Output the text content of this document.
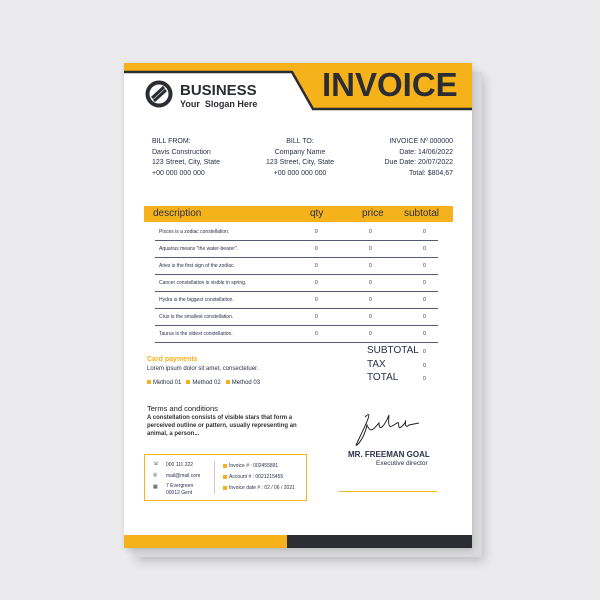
BUSINESS
Your  Slogan Here
INVOICE
BILL FROM:
Davis Construction
123 Street, City, State
+00 000 000 000
BILL TO:
Company Name
123 Street, City, State
+00 000 000 000
INVOICE Nº 000000
Date: 14/06/2022
Due Date: 20/07/2022
Total: $804,67
description	qty	price subtotal
Pisces is a zodiac constellation.	0	0	0
Aquarius means "the water-bearer".	0	0	0
Aries is the first sign of the zodiac.	0	0	0
Cancer constellation is visible in spring.	0	0	0
Hydra is the biggest constellation.	0	0	0
Crux is the smallest constellation.	0	0	0
Taurus is the oldest constellation.	0	0	0
SUBTOTAL 0
TAX	0
TOTAL	0
Card payments
Lorem ipsum dolor sit amet, consectetuer.
Method 01 Method 02 Method 03
Terms and conditions
A constellation consists of visible stars that form a perceived outline or pattern, usually representing an animal, a person...
MR. FREEMAN GOAL
Executive director
☏ 000 111 222
◎ mail@mail.com
▦ 7 Evergreen
00012 Gent
Invoice # : 002455891
Account # : 0021215455
Invoice date # : 02 / 06 / 2021
